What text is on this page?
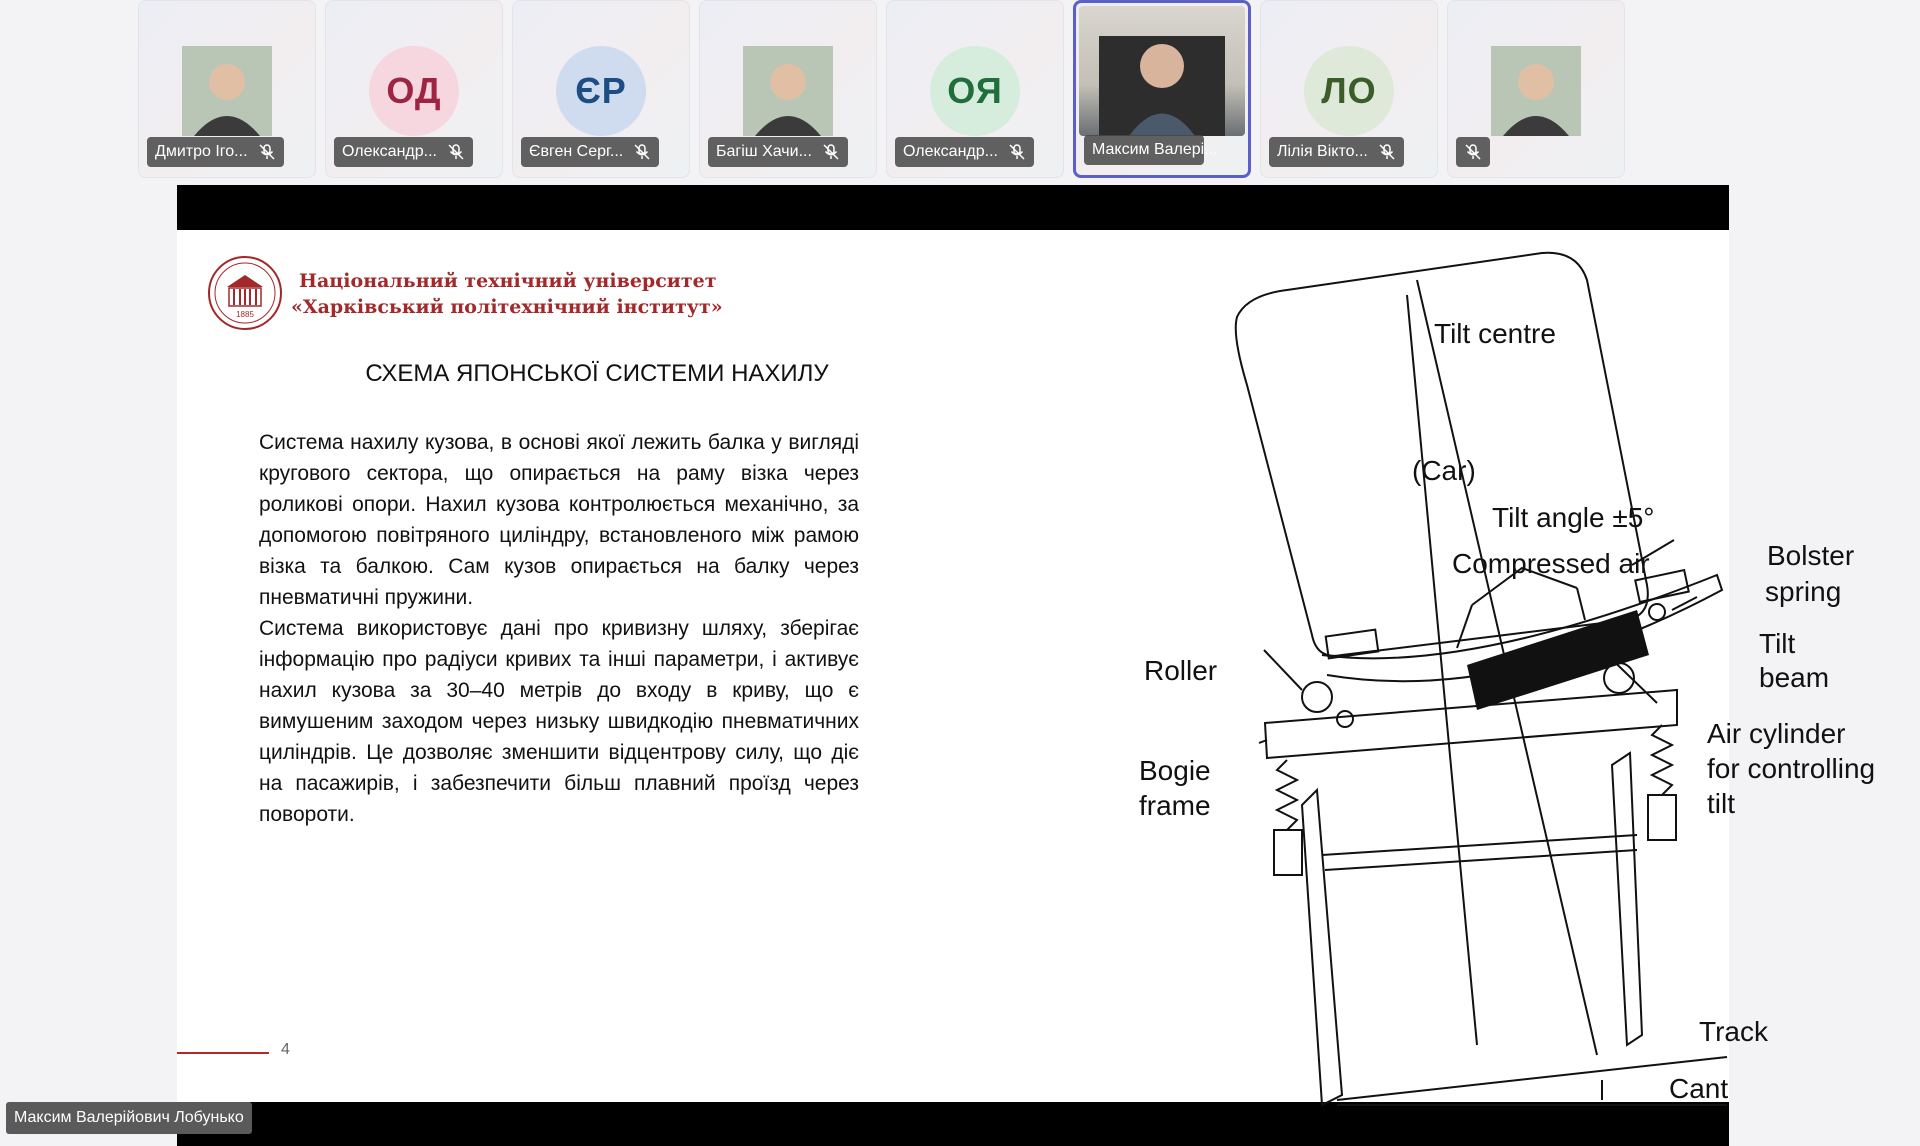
Дмитро Іго...
ОД
Олександр...
ЄР
Євген Серг...	Багіш Хачи...
ОЯ
Олександр...	Максим Валері...
ЛО
Лілія Вікто...
1885
Національний технічний університет
«Харківський політехнічний інститут»
СХЕМА ЯПОНСЬКОЇ СИСТЕМИ НАХИЛУ

Система нахилу кузова, в основі якої лежить балка у вигляді кругового сектора, що опирається на раму візка через роликові опори. Нахил кузова контролюється механічно, за допомогою повітряного циліндру, встановленого між рамою візка та балкою. Сам кузов опирається на балку через пневматичні пружини.

Система використовує дані про кривизну шляху, зберігає інформацію про радіуси кривих та інші параметри, і активує нахил кузова за 30–40 метрів до входу в криву, що є вимушеним заходом через низьку швидкодію пневматичних циліндрів. Це дозволяє зменшити відцентрову силу, що діє на пасажирів, і забезпечити більш плавний проїзд через повороти.

4
Tilt centre
(Car)
Tilt angle ±5°
Compressed air	Bolster
spring
Tilt
beam
Roller
Air cylinder
for controlling
tilt
Bogie
frame
Track
Cant
Максим Валерійович Лобунько
